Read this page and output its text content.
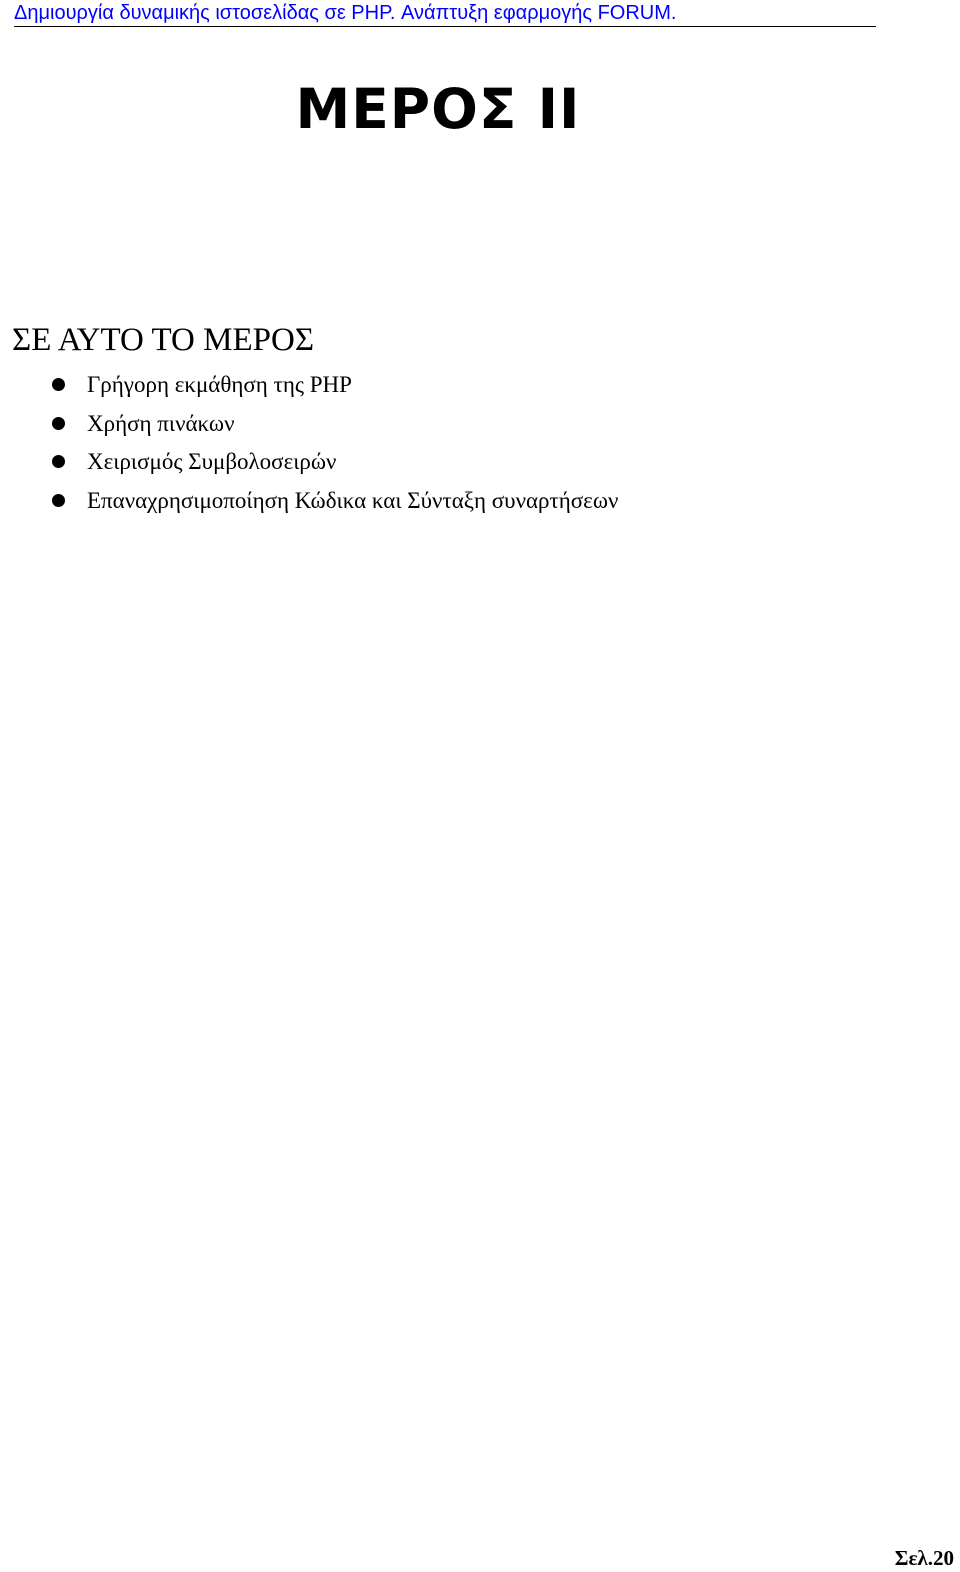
Δημιουργία δυναμικής ιστοσελίδας σε PHP. Ανάπτυξη εφαρμογής FORUM.
ΜΕΡΟΣ ΙΙ
ΣΕ ΑΥΤΟ ΤΟ ΜΕΡΟΣ
Γρήγορη εκμάθηση της PHP
Χρήση πινάκων
Χειρισμός Συμβολοσειρών
Επαναχρησιμοποίηση Κώδικα και Σύνταξη συναρτήσεων
Σελ.20
